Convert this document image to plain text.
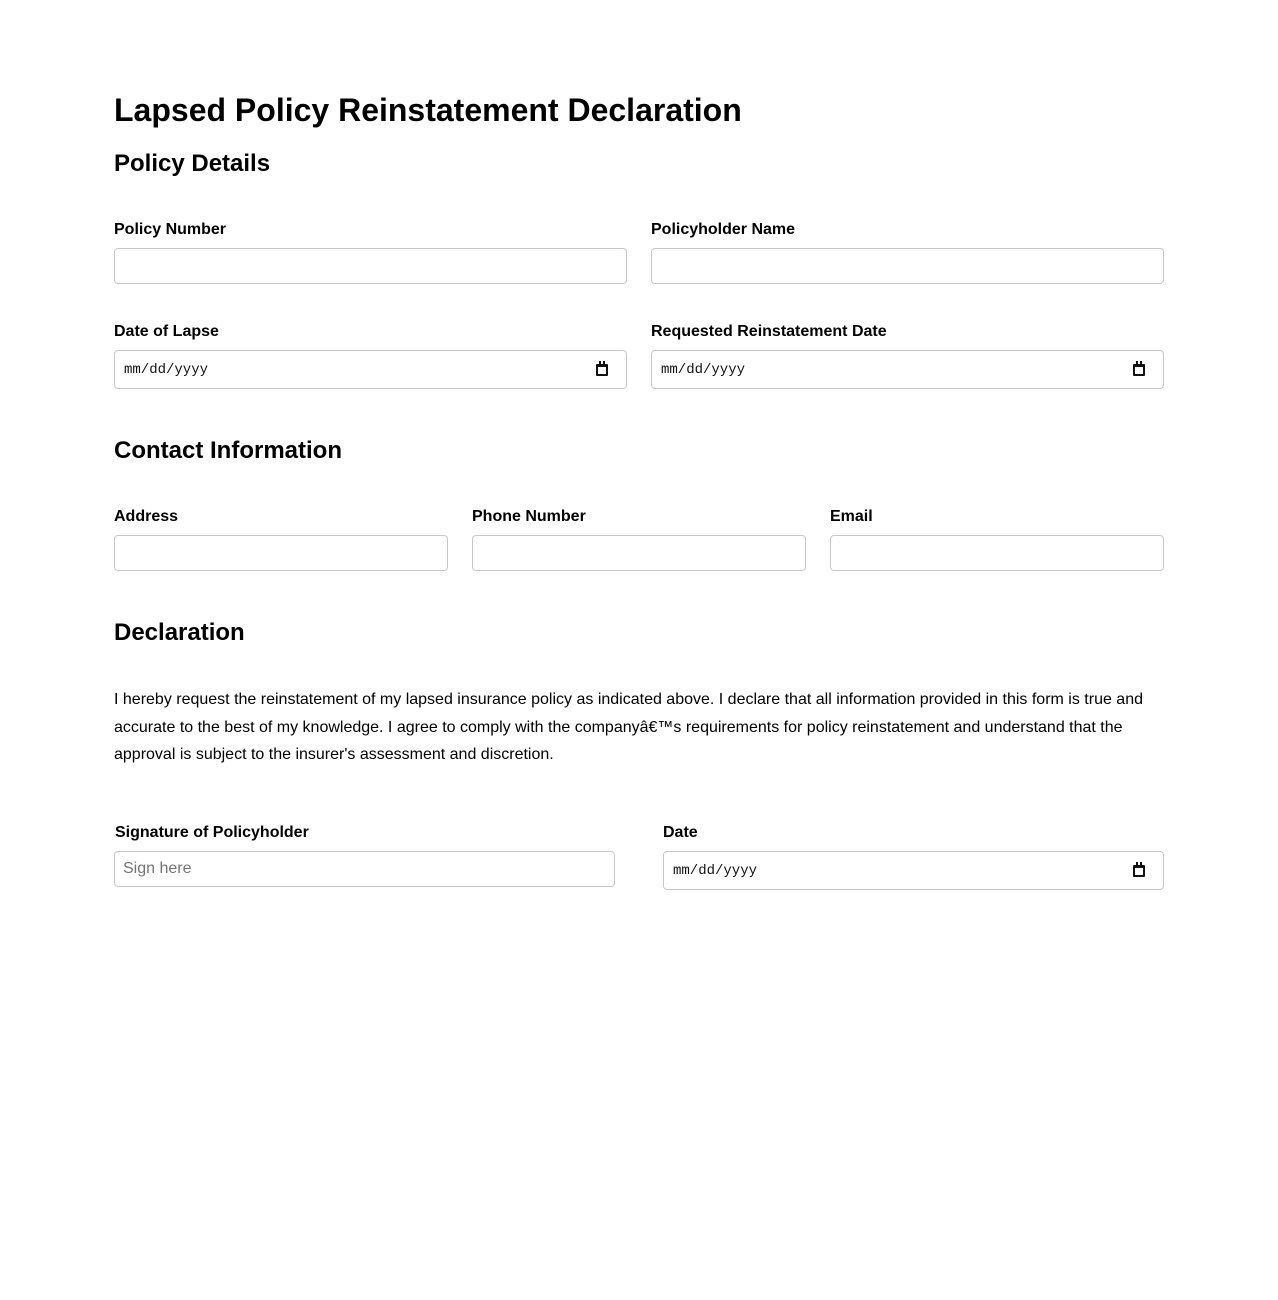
Lapsed Policy Reinstatement Declaration
Policy Details
Policy Number	Policyholder Name
Date of Lapse
mm/dd/yyyy
Requested Reinstatement Date
mm/dd/yyyy
Contact Information
Address	Phone Number	Email
Declaration

I hereby request the reinstatement of my lapsed insurance policy as indicated above. I declare that all information provided in this form is true and accurate to the best of my knowledge. I agree to comply with the companyâ€™s requirements for policy reinstatement and understand that the approval is subject to the insurer's assessment and discretion.

Signature of Policyholder
Sign here
Date
mm/dd/yyyy
